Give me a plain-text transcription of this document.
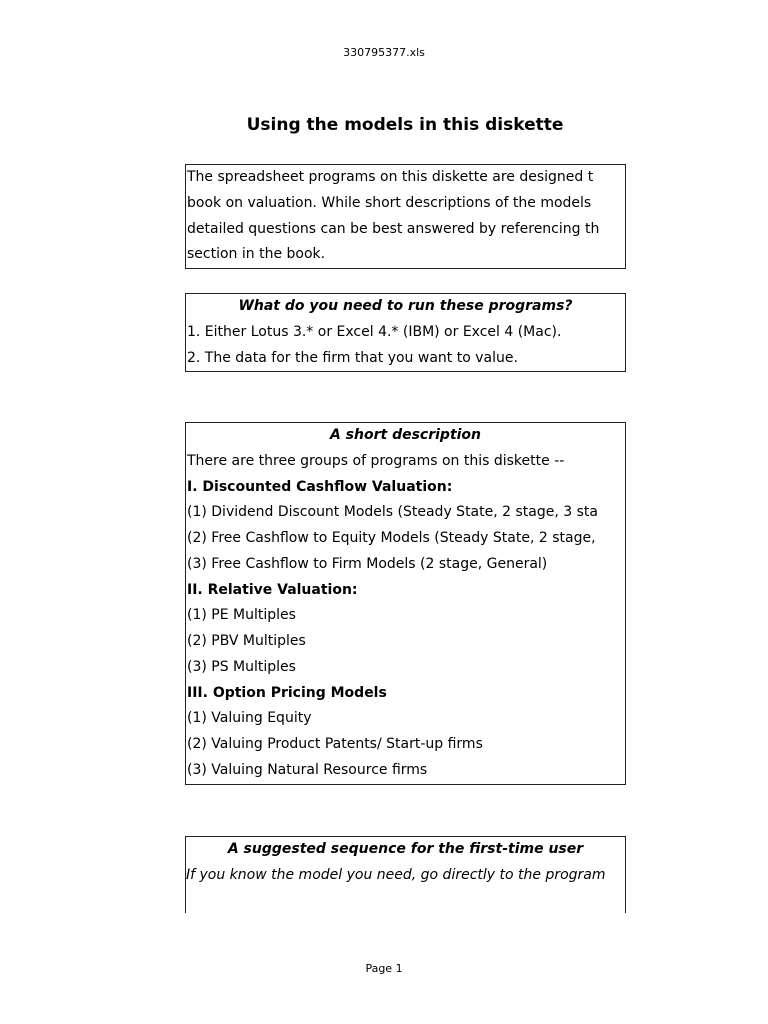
330795377.xls
Using the models in this diskette
The spreadsheet programs on this diskette are designed t
book on valuation. While short descriptions of the models
detailed questions can be best answered by referencing th
section in the book.
What do you need to run these programs?
1. Either Lotus 3.* or Excel 4.* (IBM) or Excel 4 (Mac).
2. The data for the firm that you want to value.
A short description
There are three groups of programs on this diskette --
I. Discounted Cashflow Valuation:
(1) Dividend Discount Models (Steady State, 2 stage, 3 sta
(2) Free Cashflow to Equity Models (Steady State, 2 stage,
(3) Free Cashflow to Firm Models (2 stage, General)
II. Relative Valuation:
(1) PE Multiples
(2) PBV Multiples
(3) PS Multiples
III. Option Pricing Models
(1) Valuing Equity
(2) Valuing Product Patents/ Start-up firms
(3) Valuing Natural Resource firms
A suggested sequence for the first-time user
If you know the model you need, go directly to the program
Page 1
